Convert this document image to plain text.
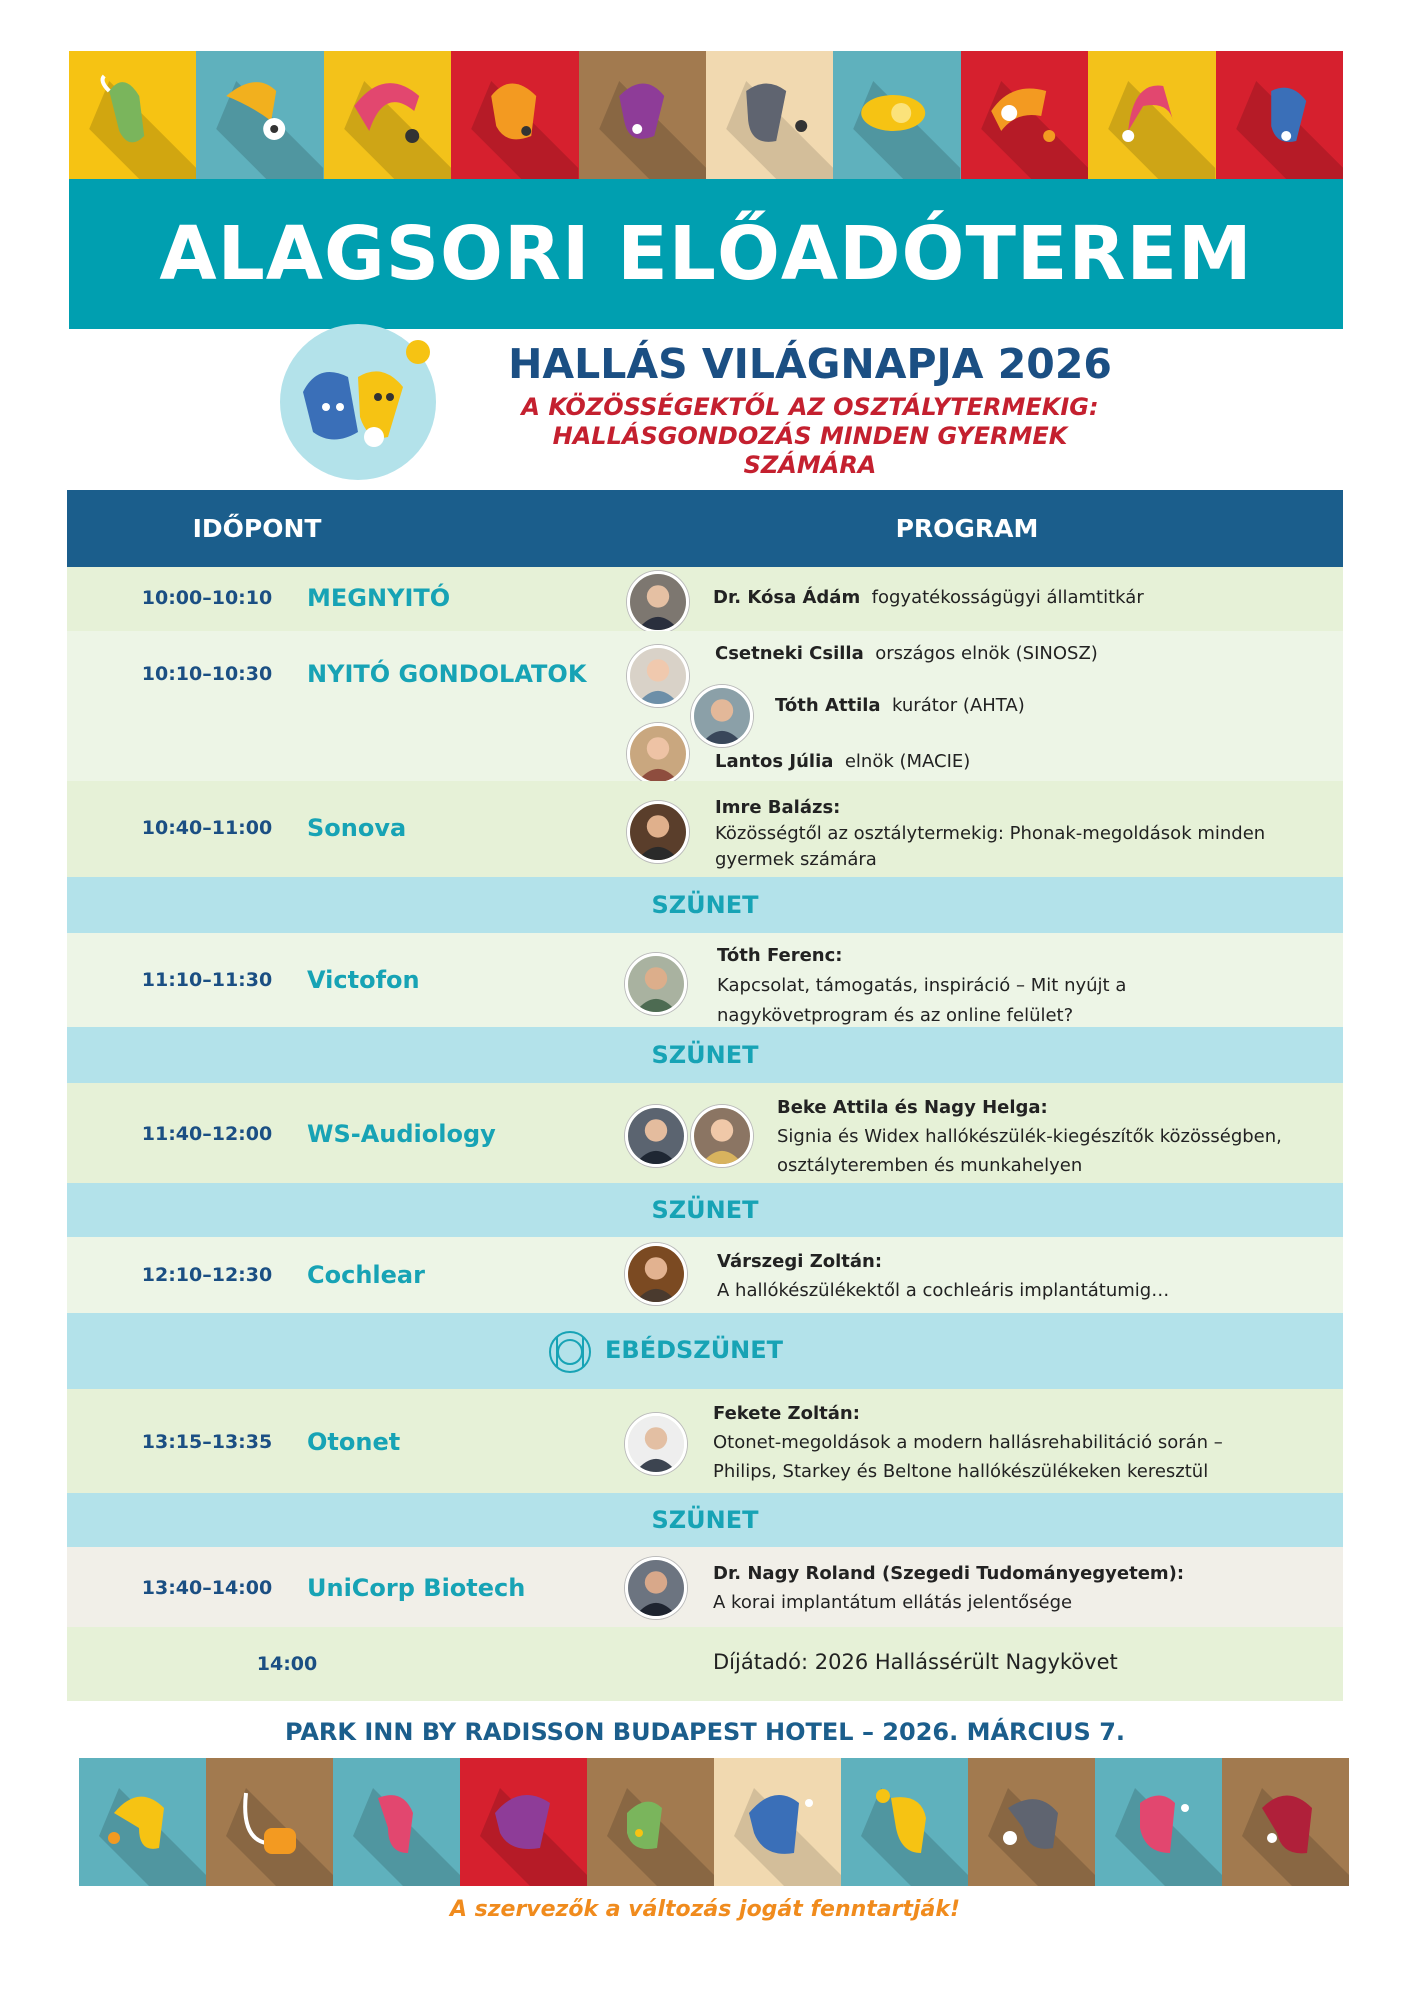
ALAGSORI ELŐADÓTEREM
HALLÁS VILÁGNAPJA 2026
A KÖZÖSSÉGEKTŐL AZ OSZTÁLYTERMEKIG:
HALLÁSGONDOZÁS MINDEN GYERMEK
SZÁMÁRA
IDŐPONT	PROGRAM
10:00–10:10	MEGNYITÓ	Dr. Kósa Ádám fogyatékosságügyi államtitkár
10:10–10:30	NYITÓ GONDOLATOK
Csetneki Csilla országos elnök (SINOSZ)
Tóth Attila kurátor (AHTA)
Lantos Júlia elnök (MACIE)
10:40–11:00	Sonova
Imre Balázs:
Közösségtől az osztálytermekig: Phonak-megoldások minden gyermek számára
SZÜNET
11:10–11:30	Victofon
Tóth Ferenc:
Kapcsolat, támogatás, inspiráció – Mit nyújt a nagykövetprogram és az online felület?
SZÜNET
11:40–12:00	WS-Audiology
Beke Attila és Nagy Helga:
Signia és Widex hallókészülék-kiegészítők közösségben, osztályteremben és munkahelyen
SZÜNET
12:10–12:30	Cochlear	Várszegi Zoltán:
A hallókészülékektől a cochleáris implantátumig…
EBÉDSZÜNET
13:15–13:35	Otonet
Fekete Zoltán:
Otonet-megoldások a modern hallásrehabilitáció során – Philips, Starkey és Beltone hallókészülékeken keresztül
SZÜNET
13:40–14:00	UniCorp Biotech
Dr. Nagy Roland (Szegedi Tudományegyetem):
A korai implantátum ellátás jelentősége
14:00	Díjátadó: 2026 Hallássérült Nagykövet
PARK INN BY RADISSON BUDAPEST HOTEL – 2026. MÁRCIUS 7.
A szervezők a változás jogát fenntartják!
